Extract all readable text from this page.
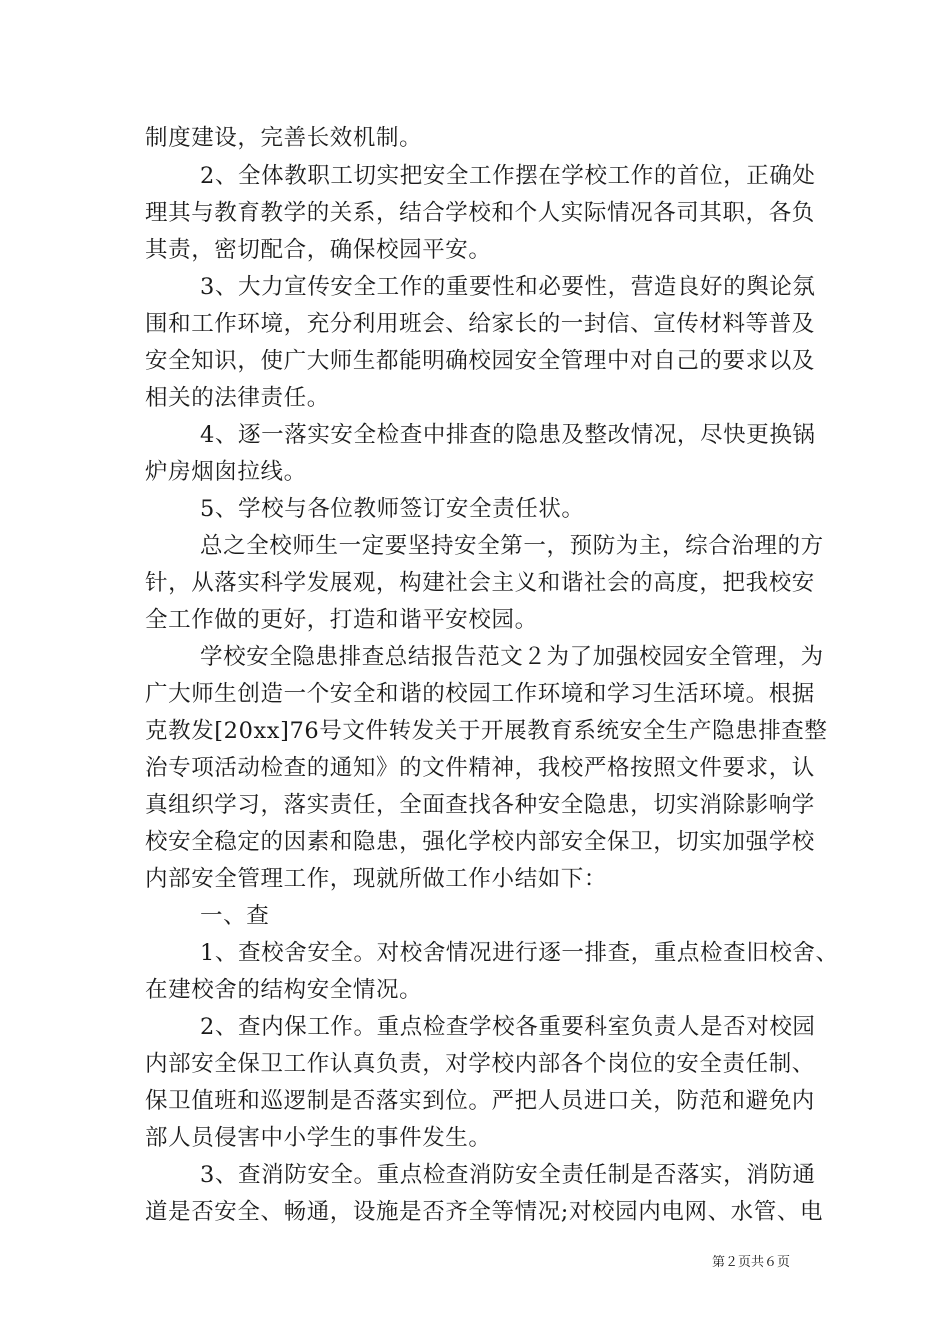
制度建设，完善长效机制。
2、全体教职工切实把安全工作摆在学校工作的首位，正确处
理其与教育教学的关系，结合学校和个人实际情况各司其职，各负
其责，密切配合，确保校园平安。
3、大力宣传安全工作的重要性和必要性，营造良好的舆论氛
围和工作环境，充分利用班会、给家长的一封信、宣传材料等普及
安全知识，使广大师生都能明确校园安全管理中对自己的要求以及
相关的法律责任。
4、逐一落实安全检查中排查的隐患及整改情况，尽快更换锅
炉房烟囱拉线。
5、学校与各位教师签订安全责任状。
总之全校师生一定要坚持安全第一，预防为主，综合治理的方
针，从落实科学发展观，构建社会主义和谐社会的高度，把我校安
全工作做的更好，打造和谐平安校园。
学校安全隐患排查总结报告范文２为了加强校园安全管理，为
广大师生创造一个安全和谐的校园工作环境和学习生活环境。根据
克教发[20xx]76号文件转发关于开展教育系统安全生产隐患排查整
治专项活动检查的通知》的文件精神，我校严格按照文件要求，认
真组织学习，落实责任，全面查找各种安全隐患，切实消除影响学
校安全稳定的因素和隐患，强化学校内部安全保卫，切实加强学校
内部安全管理工作，现就所做工作小结如下：
一、查
1、查校舍安全。对校舍情况进行逐一排查，重点检查旧校舍、
在建校舍的结构安全情况。
2、查内保工作。重点检查学校各重要科室负责人是否对校园
内部安全保卫工作认真负责，对学校内部各个岗位的安全责任制、
保卫值班和巡逻制是否落实到位。严把人员进口关，防范和避免内
部人员侵害中小学生的事件发生。
3、查消防安全。重点检查消防安全责任制是否落实，消防通
道是否安全、畅通，设施是否齐全等情况;对校园内电网、水管、电
第２页共６页
